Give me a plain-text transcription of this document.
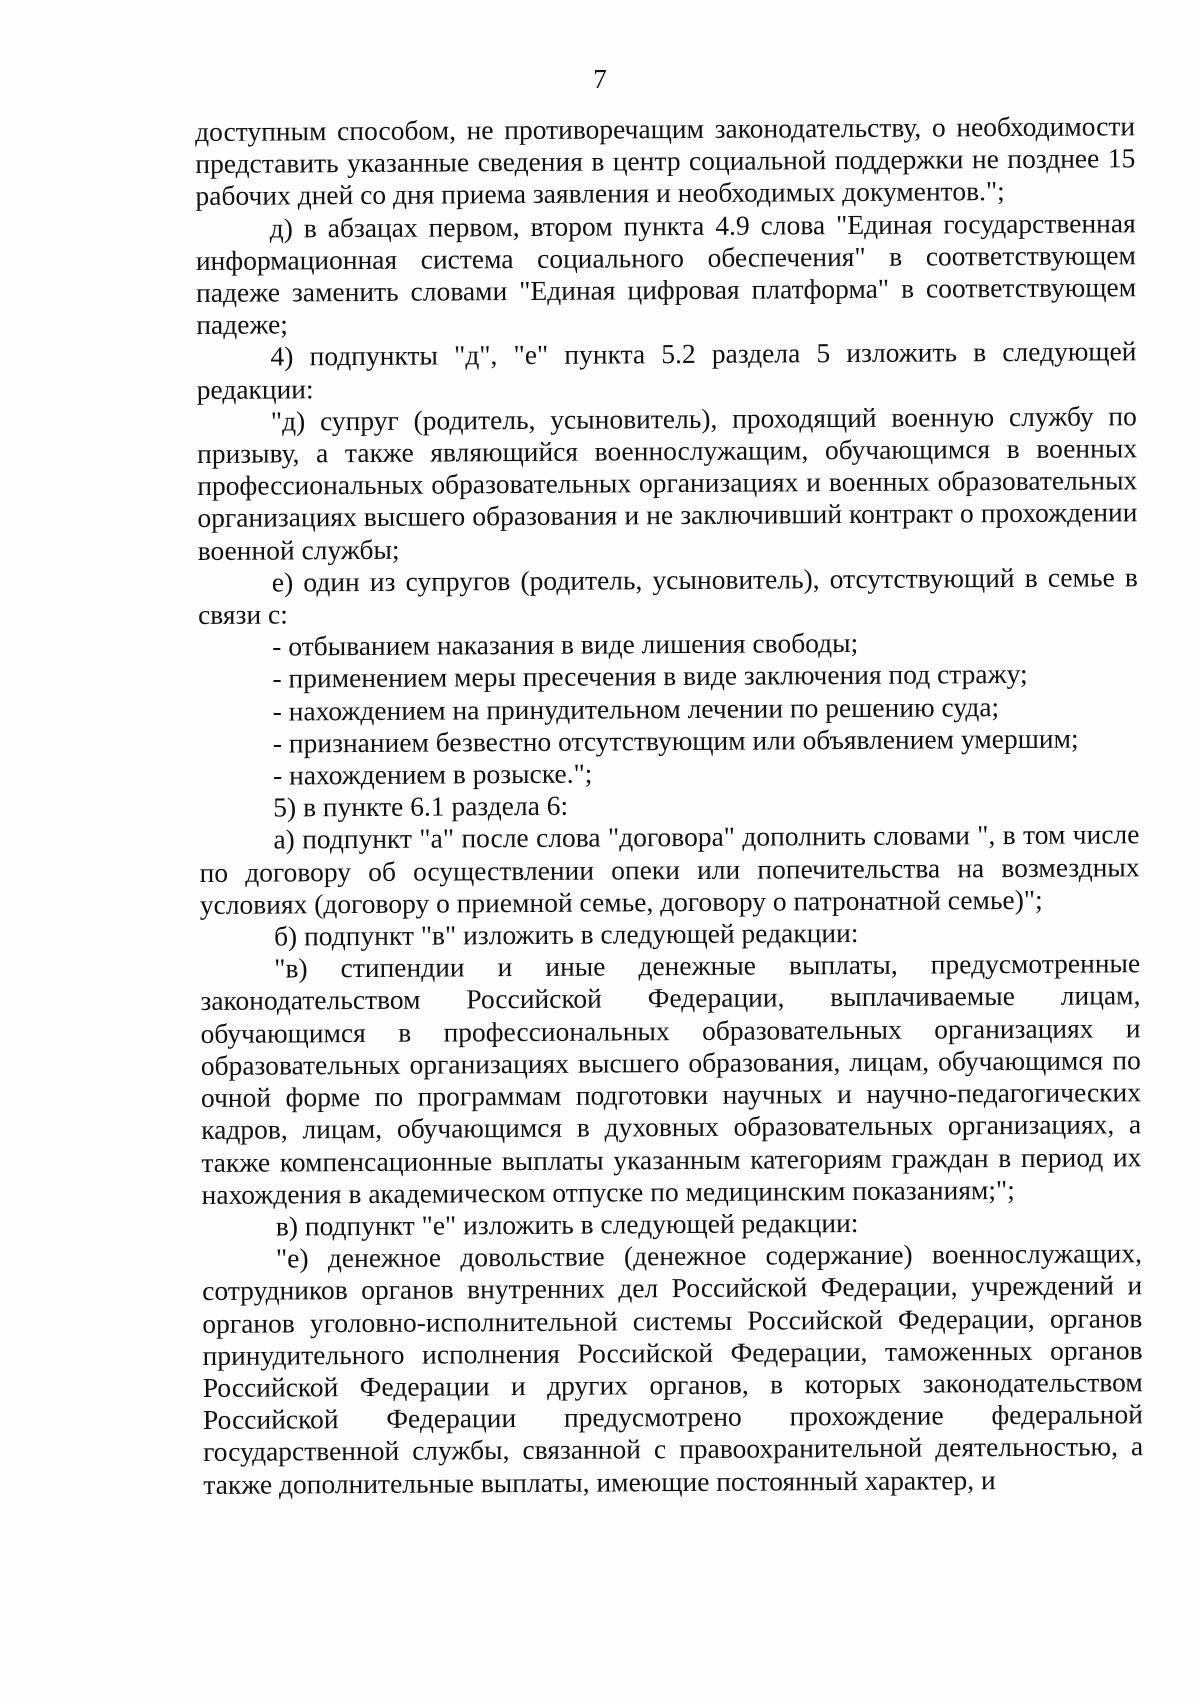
7

доступным способом, не противоречащим законодательству, о необходимости представить указанные сведения в центр социальной поддержки не позднее 15 рабочих дней со дня приема заявления и необходимых документов.";

д) в абзацах первом, втором пункта 4.9 слова "Единая государственная информационная система социального обеспечения" в соответствующем падеже заменить словами "Единая цифровая платформа" в соответствующем падеже;

4) подпункты "д", "е" пункта 5.2 раздела 5 изложить в следующей редакции:

"д) супруг (родитель, усыновитель), проходящий военную службу по призыву, а также являющийся военнослужащим, обучающимся в военных профессиональных образовательных организациях и военных образовательных организациях высшего образования и не заключивший контракт о прохождении военной службы;

е) один из супругов (родитель, усыновитель), отсутствующий в семье в связи с:

- отбыванием наказания в виде лишения свободы;

- применением меры пресечения в виде заключения под стражу;

- нахождением на принудительном лечении по решению суда;

- признанием безвестно отсутствующим или объявлением умершим;

- нахождением в розыске.";

5) в пункте 6.1 раздела 6:

а) подпункт "а" после слова "договора" дополнить словами ", в том числе по договору об осуществлении опеки или попечительства на возмездных условиях (договору о приемной семье, договору о патронатной семье)";

б) подпункт "в" изложить в следующей редакции:

"в) стипендии и иные денежные выплаты, предусмотренные законодательством Российской Федерации, выплачиваемые лицам, обучающимся в профессиональных образовательных организациях и образовательных организациях высшего образования, лицам, обучающимся по очной форме по программам подготовки научных и научно-педагогических кадров, лицам, обучающимся в духовных образовательных организациях, а также компенсационные выплаты указанным категориям граждан в период их нахождения в академическом отпуске по медицинским показаниям;";

в) подпункт "е" изложить в следующей редакции:

"е) денежное довольствие (денежное содержание) военнослужащих, сотрудников органов внутренних дел Российской Федерации, учреждений и органов уголовно-исполнительной системы Российской Федерации, органов принудительного исполнения Российской Федерации, таможенных органов Российской Федерации и других органов, в которых законодательством Российской Федерации предусмотрено прохождение федеральной государственной службы, связанной с правоохранительной деятельностью, а также дополнительные выплаты, имеющие постоянный характер, и
